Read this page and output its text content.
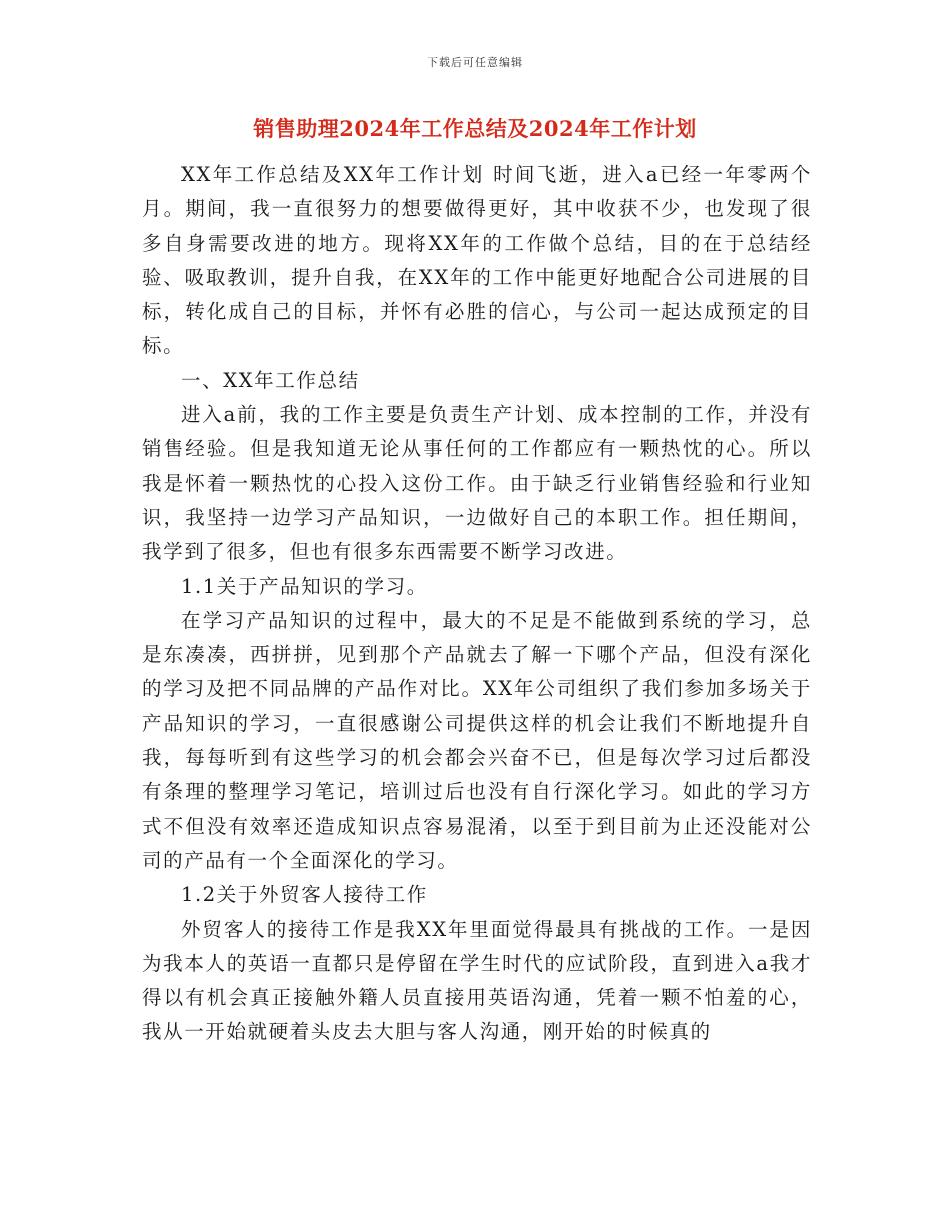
下载后可任意编辑
销售助理2024年工作总结及2024年工作计划

XX年工作总结及XX年工作计划 时间飞逝，进入a已经一年零两个月。期间，我一直很努力的想要做得更好，其中收获不少，也发现了很多自身需要改进的地方。现将XX年的工作做个总结，目的在于总结经验、吸取教训，提升自我，在XX年的工作中能更好地配合公司进展的目标，转化成自己的目标，并怀有必胜的信心，与公司一起达成预定的目标。

一、XX年工作总结

进入a前，我的工作主要是负责生产计划、成本控制的工作，并没有销售经验。但是我知道无论从事任何的工作都应有一颗热忱的心。所以我是怀着一颗热忱的心投入这份工作。由于缺乏行业销售经验和行业知识，我坚持一边学习产品知识，一边做好自己的本职工作。担任期间，我学到了很多，但也有很多东西需要不断学习改进。

1.1关于产品知识的学习。

在学习产品知识的过程中，最大的不足是不能做到系统的学习，总是东凑凑，西拼拼，见到那个产品就去了解一下哪个产品，但没有深化的学习及把不同品牌的产品作对比。XX年公司组织了我们参加多场关于产品知识的学习，一直很感谢公司提供这样的机会让我们不断地提升自我，每每听到有这些学习的机会都会兴奋不已，但是每次学习过后都没有条理的整理学习笔记，培训过后也没有自行深化学习。如此的学习方式不但没有效率还造成知识点容易混淆，以至于到目前为止还没能对公司的产品有一个全面深化的学习。

1.2关于外贸客人接待工作

外贸客人的接待工作是我XX年里面觉得最具有挑战的工作。一是因为我本人的英语一直都只是停留在学生时代的应试阶段，直到进入a我才得以有机会真正接触外籍人员直接用英语沟通，凭着一颗不怕羞的心，我从一开始就硬着头皮去大胆与客人沟通，刚开始的时候真的
